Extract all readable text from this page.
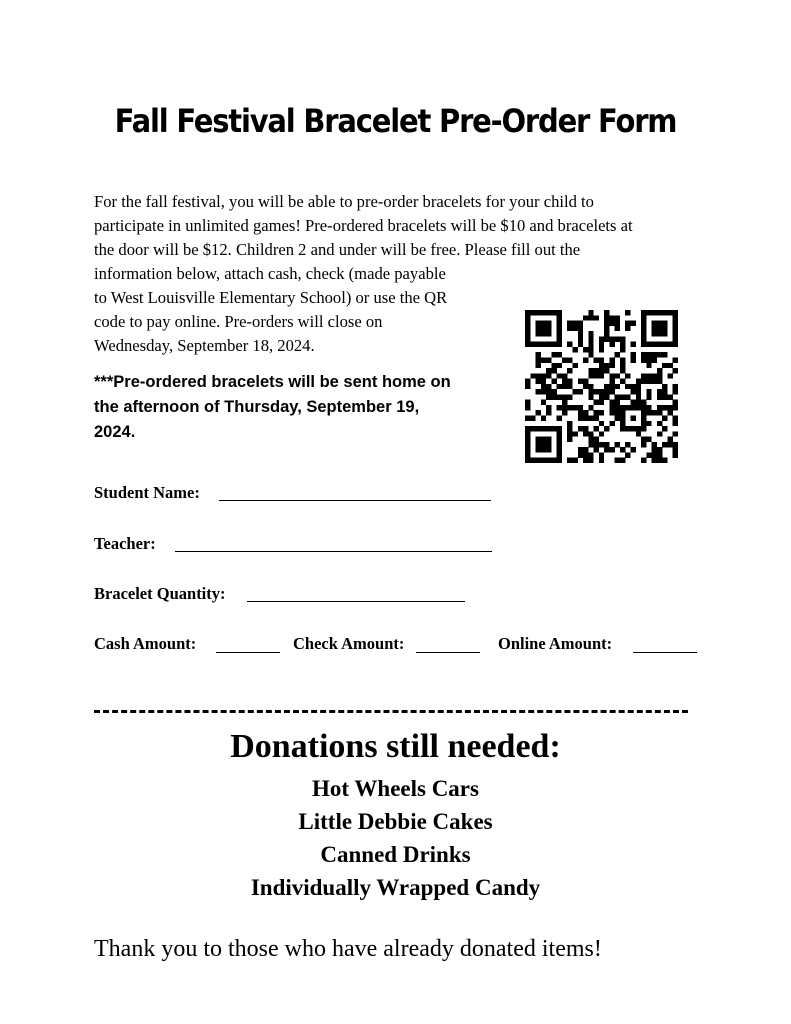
Fall Festival Bracelet Pre-Order Form
For the fall festival, you will be able to pre-order bracelets for your child to
participate in unlimited games! Pre-ordered bracelets will be $10 and bracelets at
the door will be $12. Children 2 and under will be free. Please fill out the
information below, attach cash, check (made payable
to West Louisville Elementary School) or use the QR
code to pay online. Pre-orders will close on
Wednesday, September 18, 2024.
***Pre-ordered bracelets will be sent home on
the afternoon of Thursday, September 19,
2024.
Student Name:
Teacher:
Bracelet Quantity:
Cash Amount:	Check Amount:	Online Amount:
Donations still needed:
Hot Wheels Cars
Little Debbie Cakes
Canned Drinks
Individually Wrapped Candy
Thank you to those who have already donated items!
